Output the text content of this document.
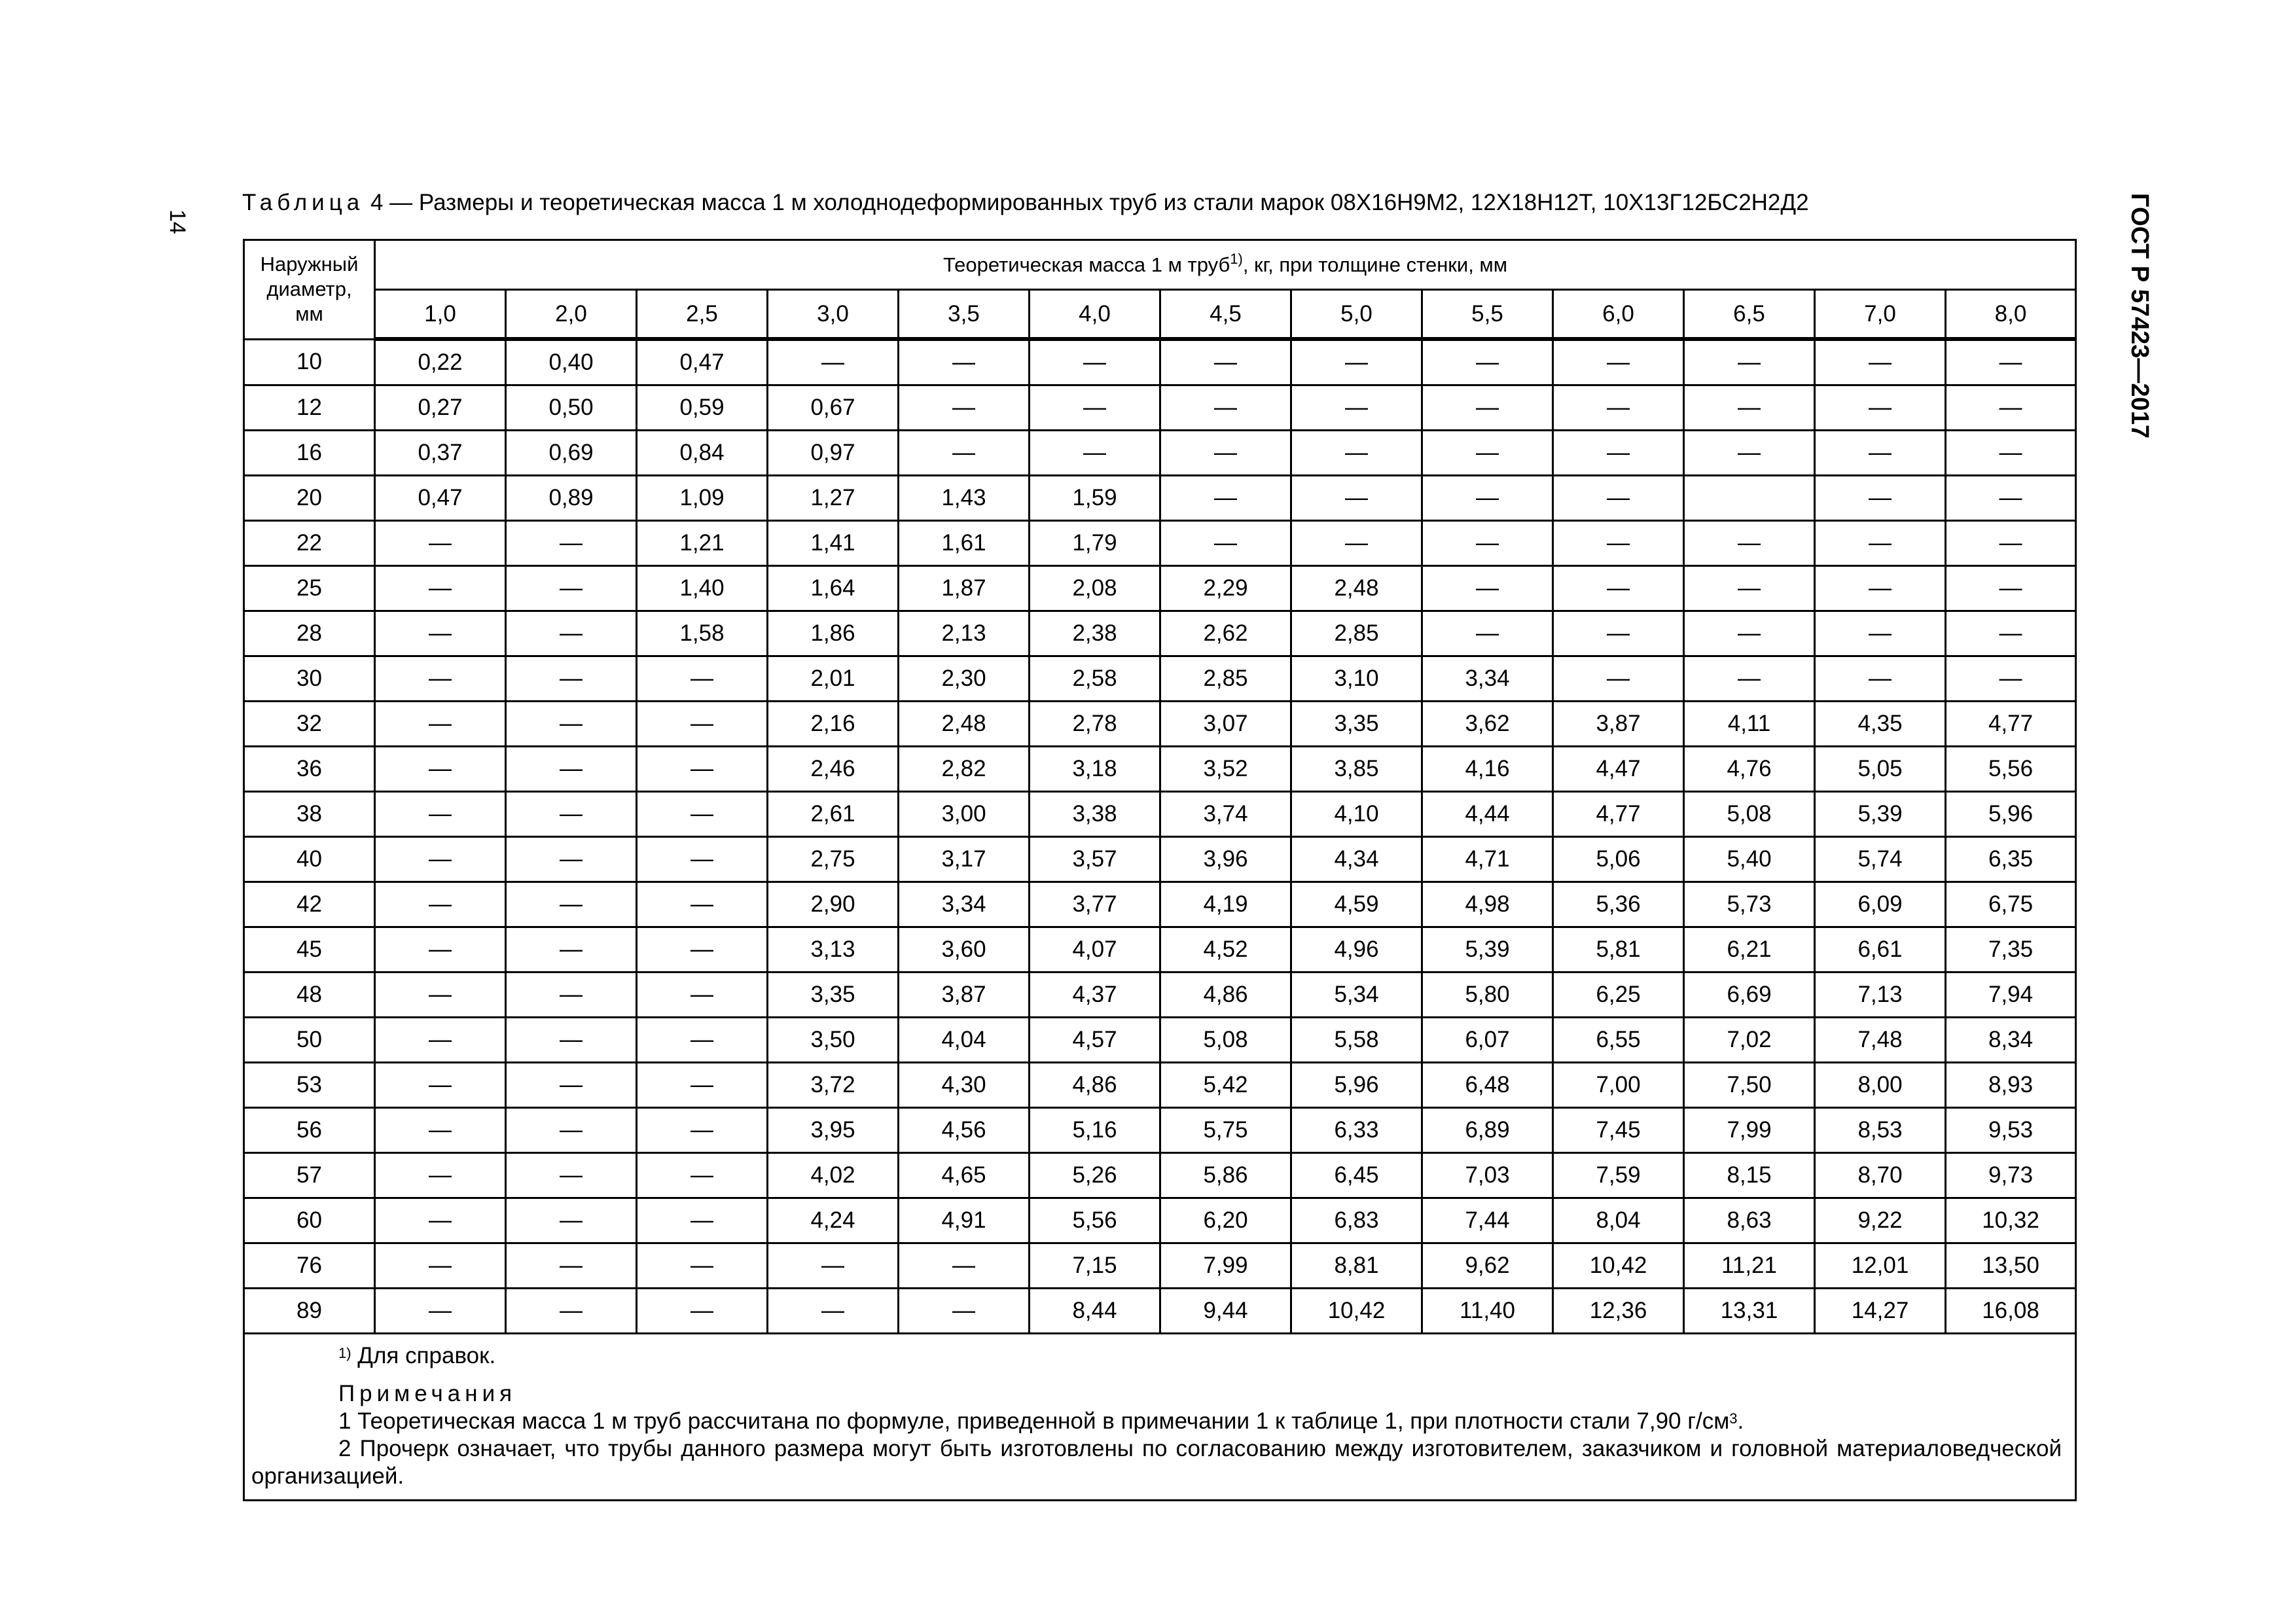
14	ГОСТ Р 57423—2017
Таблица 4 — Размеры и теоретическая масса 1 м холоднодеформированных труб из стали марок 08Х16Н9М2, 12Х18Н12Т, 10Х13Г12БС2Н2Д2
Наружный
диаметр,
мм	Теоретическая масса 1 м труб$^{1)}$, кг, при толщине стенки, мм												
	1,0	2,0	2,5	3,0	3,5	4,0	4,5	5,0	5,5	6,0	6,5	7,0	8,0
10	0,22	0,40	0,47	—	—	—	—	—	—	—	—	—	—
12	0,27	0,50	0,59	0,67	—	—	—	—	—	—	—	—	—
16	0,37	0,69	0,84	0,97	—	—	—	—	—	—	—	—	—
20	0,47	0,89	1,09	1,27	1,43	1,59	—	—	—	—		—	—
22	—	—	1,21	1,41	1,61	1,79	—	—	—	—	—	—	—
25	—	—	1,40	1,64	1,87	2,08	2,29	2,48	—	—	—	—	—
28	—	—	1,58	1,86	2,13	2,38	2,62	2,85	—	—	—	—	—
30	—	—	—	2,01	2,30	2,58	2,85	3,10	3,34	—	—	—	—
32	—	—	—	2,16	2,48	2,78	3,07	3,35	3,62	3,87	4,11	4,35	4,77
36	—	—	—	2,46	2,82	3,18	3,52	3,85	4,16	4,47	4,76	5,05	5,56
38	—	—	—	2,61	3,00	3,38	3,74	4,10	4,44	4,77	5,08	5,39	5,96
40	—	—	—	2,75	3,17	3,57	3,96	4,34	4,71	5,06	5,40	5,74	6,35
42	—	—	—	2,90	3,34	3,77	4,19	4,59	4,98	5,36	5,73	6,09	6,75
45	—	—	—	3,13	3,60	4,07	4,52	4,96	5,39	5,81	6,21	6,61	7,35
48	—	—	—	3,35	3,87	4,37	4,86	5,34	5,80	6,25	6,69	7,13	7,94
50	—	—	—	3,50	4,04	4,57	5,08	5,58	6,07	6,55	7,02	7,48	8,34
53	—	—	—	3,72	4,30	4,86	5,42	5,96	6,48	7,00	7,50	8,00	8,93
56	—	—	—	3,95	4,56	5,16	5,75	6,33	6,89	7,45	7,99	8,53	9,53
57	—	—	—	4,02	4,65	5,26	5,86	6,45	7,03	7,59	8,15	8,70	9,73
60	—	—	—	4,24	4,91	5,56	6,20	6,83	7,44	8,04	8,63	9,22	10,32
76	—	—	—	—	—	7,15	7,99	8,81	9,62	10,42	11,21	12,01	13,50
89	—	—	—	—	—	8,44	9,44	10,42	11,40	12,36	13,31	14,27	16,08

$^{1)}$ Для справок.

Примечания

1 Теоретическая масса 1 м труб рассчитана по формуле, приведенной в примечании 1 к таблице 1, при плотности стали 7,90 $г/см^3$.

2 Прочерк означает, что трубы данного размера могут быть изготовлены по согласованию между изготовителем, заказчиком и головной материаловедческой организацией.													
